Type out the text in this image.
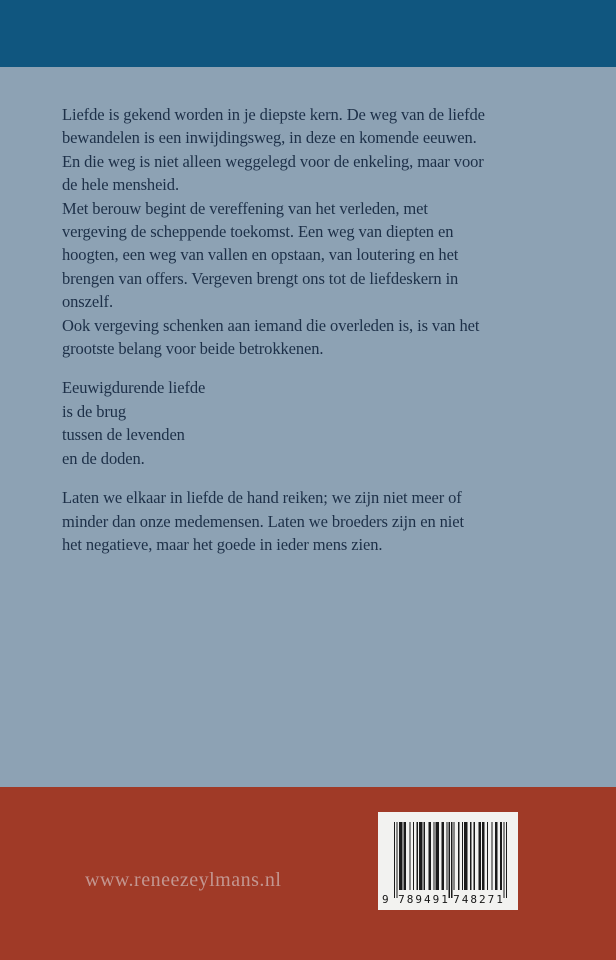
Liefde is gekend worden in je diepste kern. De weg van de liefde
bewandelen is een inwijdingsweg, in deze en komende eeuwen.
En die weg is niet alleen weggelegd voor de enkeling, maar voor
de hele mensheid.
Met berouw begint de vereffening van het verleden, met
vergeving de scheppende toekomst. Een weg van diepten en
hoogten, een weg van vallen en opstaan, van loutering en het
brengen van offers. Vergeven brengt ons tot de liefdeskern in
onszelf.
Ook vergeving schenken aan iemand die overleden is, is van het
grootste belang voor beide betrokkenen.

Eeuwigdurende liefde
is de brug
tussen de levenden
en de doden.

Laten we elkaar in liefde de hand reiken; we zijn niet meer of
minder dan onze medemensen. Laten we broeders zijn en niet
het negatieve, maar het goede in ieder mens zien.

www.reneezeylmans.nl
9 789491 748271
